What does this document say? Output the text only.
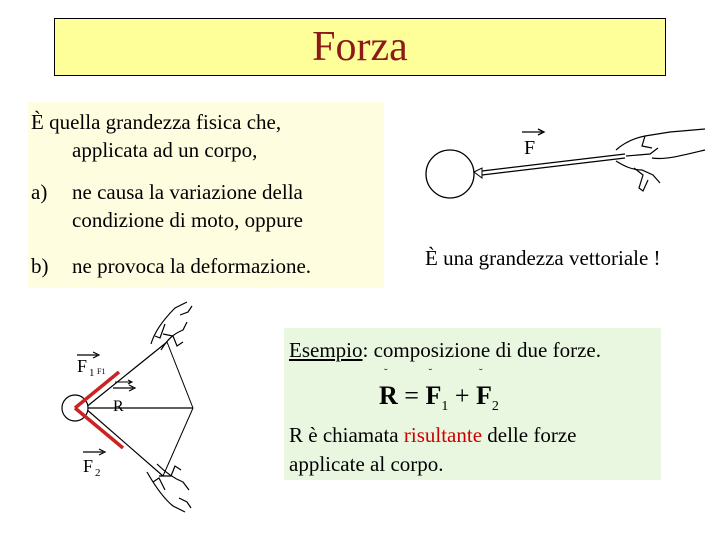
Forza
È quella grandezza fisica che,
applicata ad un corpo,
a) ne causa la variazione della
condizione di moto, oppure
b) ne provoca la deformazione.
F
È una grandezza vettoriale !
F 1 F1
R
F 2
Esempio: composizione di due forze.
R
˘
= F
˘
$_1$ + F
˘
$_2$
R è chiamata risultante delle forze
applicate al corpo.
